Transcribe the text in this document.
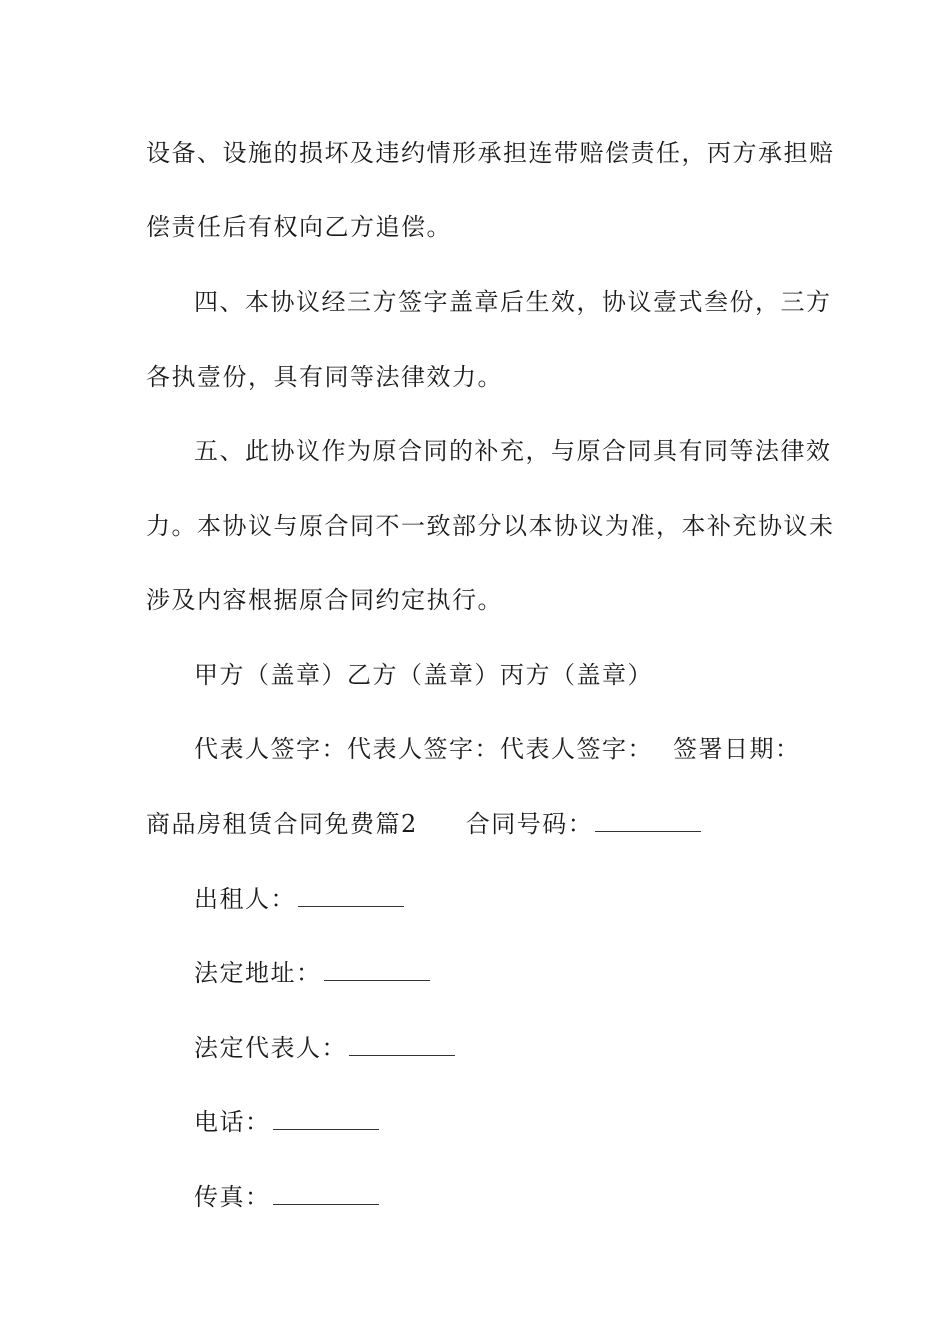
设备、设施的损坏及违约情形承担连带赔偿责任，丙方承担赔
偿责任后有权向乙方追偿。
四、本协议经三方签字盖章后生效，协议壹式叁份，三方
各执壹份，具有同等法律效力。
五、此协议作为原合同的补充，与原合同具有同等法律效
力。本协议与原合同不一致部分以本协议为准，本补充协议未
涉及内容根据原合同约定执行。
甲方（盖章）乙方（盖章）丙方（盖章）
代表人签字：代表人签字：代表人签字： 签署日期：
商品房租赁合同免费篇2 合同号码：
出租人：
法定地址：
法定代表人：
电话：
传真：
